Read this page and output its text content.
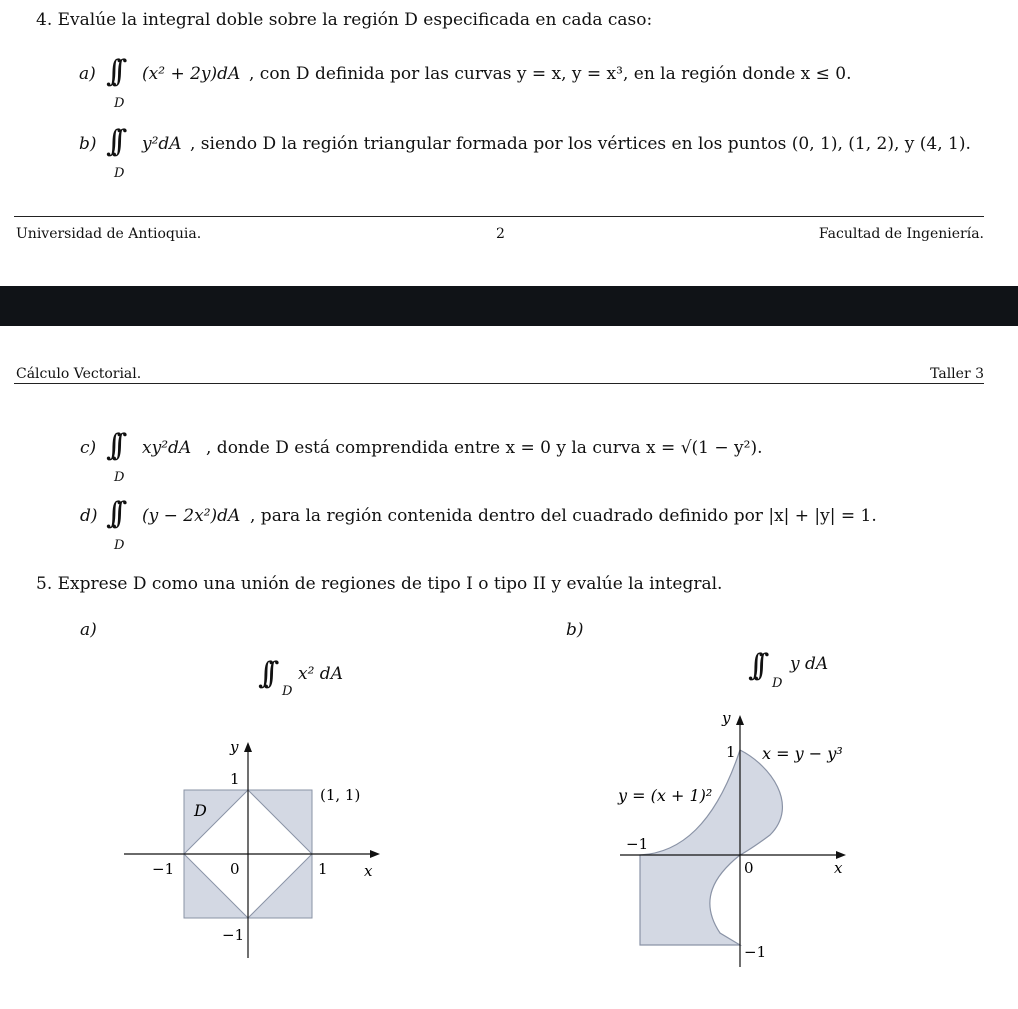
4. Evalúe la integral doble sobre la región D especificada en cada caso:
a) ∫∫
D
(x² + 2y)dA , con D definida por las curvas y = x, y = x³, en la región donde x ≤ 0.
b) ∫∫
D
y²dA , siendo D la región triangular formada por los vértices en los puntos (0, 1), (1, 2), y (4, 1).
Universidad de Antioquia.	2	Facultad de Ingeniería.
Cálculo Vectorial.	Taller 3
c) ∫∫
D
xy²dA , donde D está comprendida entre x = 0 y la curva x = √(1 − y²).
d) ∫∫
D
(y − 2x²)dA , para la región contenida dentro del cuadrado definido por |x| + |y| = 1.
5. Exprese D como una unión de regiones de tipo I o tipo II y evalúe la integral.
a)	b)
∫∫
D
x² dA	∫∫
D
y dA
y
x
1
−1
−1	0	1
(1, 1)
D
y
x
1
−1
−1
0
x = y − y³
y = (x + 1)²
